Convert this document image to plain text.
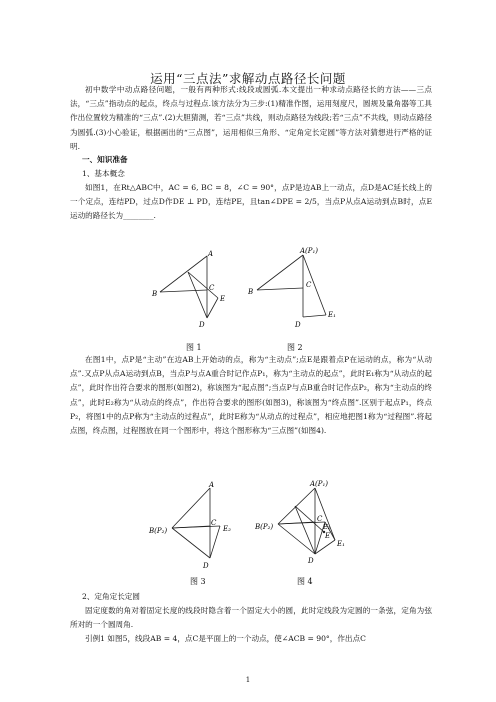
运用“三点法”求解动点路径长问题
初中数学中动点路径问题，一般有两种形式:线段或圆弧.本文提出一种求动点路径长的方法——三点法，“三点”指动点的起点，终点与过程点.该方法分为三步:(1)精准作图，运用刻度尺，圆规及量角器等工具作出位置较为精准的“三点”.(2)大胆猜测，若“三点”共线，则动点路径为线段;若“三点”不共线，则动点路径为圆弧.(3)小心验证，根据画出的“三点图”，运用相似三角形、“定角定长定圆”等方法对猜想进行严格的证明.
一、知识准备
1、基本概念
如图1，在Rt△ABC中，AC = 6, BC = 8，∠C = 90°，点P是边AB上一动点，点D是AC延长线上的一个定点，连结PD，过点D作DE ⊥ PD，连结PE，且tan∠DPE = 2/5，当点P从点A运动到点B时，点E运动的路径长为________.
A
B
C
D
E
图 1
A(P₁)
B
C
D
E₁
图 2
在图1中，点P是“主动”在边AB上开始动的点，称为“主动点”;点E是跟着点P在运动的点，称为“从动点”.又点P从点A运动到点B，当点P与点A重合时记作点P₁，称为“主动点的起点”，此时E₁称为“从动点的起点”，此时作出符合要求的图形(如图2)，称该图为“起点图”;当点P与点B重合时记作点P₂，称为“主动点的终点”，此时E₂称为“从动点的终点”，作出符合要求的图形(如图3)，称该图为“终点图”.区别于起点P₁，终点P₂，将图1中的点P称为“主动点的过程点”，此时E称为“从动点的过程点”，相应地把图1称为“过程图”.将起点图，终点图，过程图放在同一个图形中，将这个图形称为“三点图”(如图4).
A
B(P₂)
C
D
E₂
图 3
A(P₁)
B(P₂)
C
E₂
E
E₁
D
图 4
2、定角定长定圆
固定度数的角对着固定长度的线段时隐含着一个固定大小的圆，此时定线段为定圆的一条弦，定角为弦所对的一个圆周角.
引例1 如图5，线段AB = 4，点C是平面上的一个动点，使∠ACB = 90°，作出点C
1
